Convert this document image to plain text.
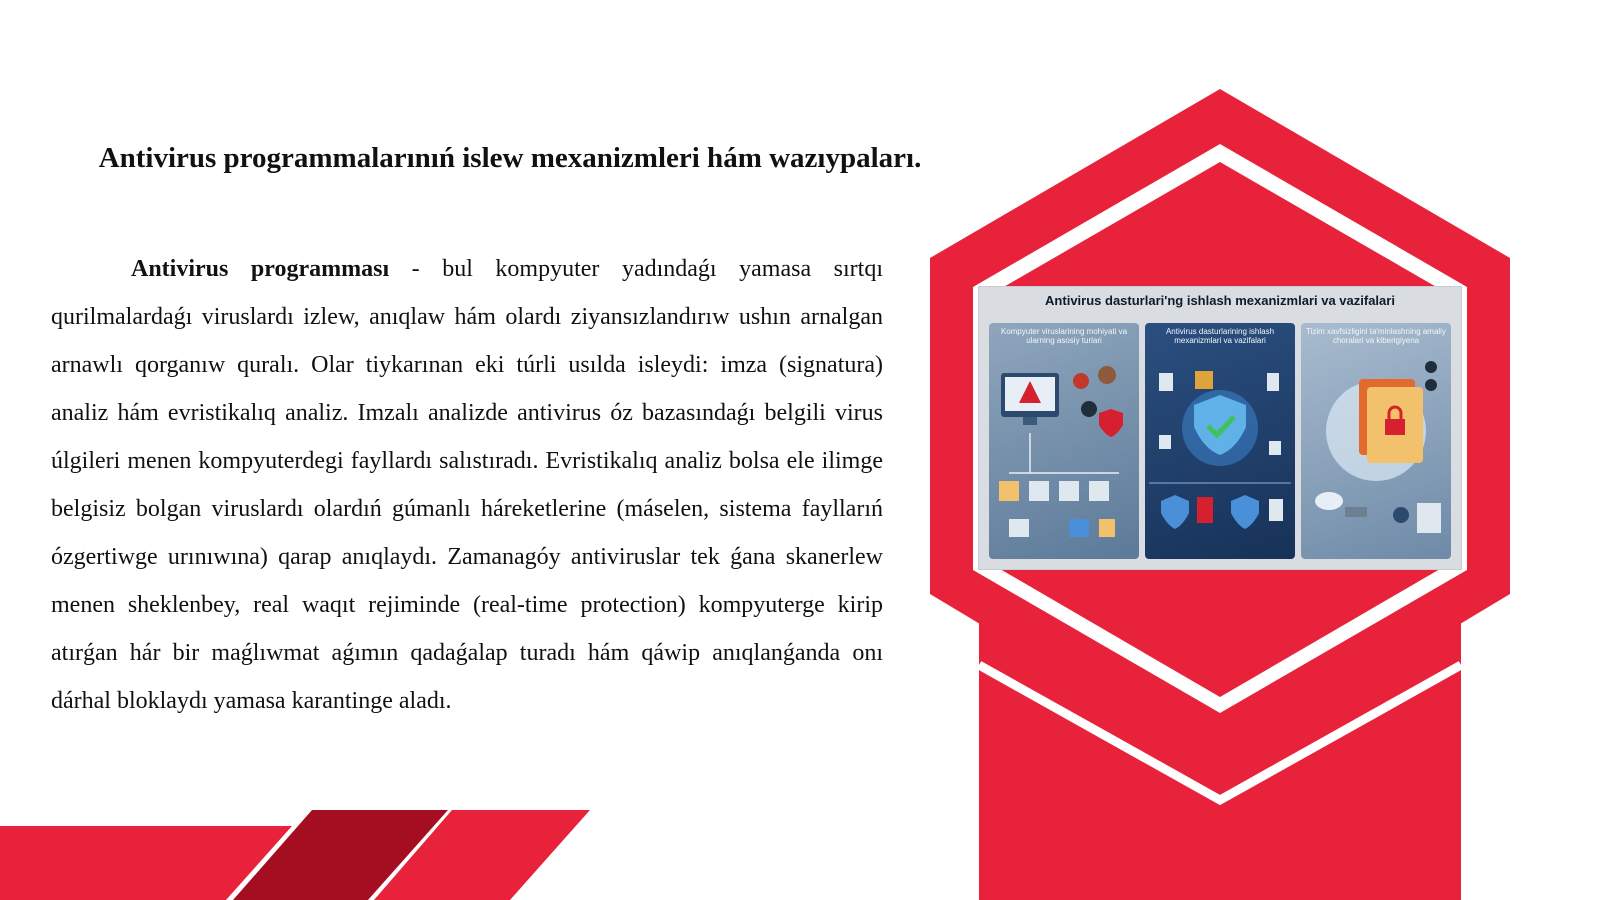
Antivirus programmalarınıń islew mexanizmleri hám wazıypaları.
Antivirus programması - bul kompyuter yadındaǵı yamasa sırtqı qurilmalardaǵı viruslardı izlew, anıqlaw hám olardı ziyansızlandırıw ushın arnalgan arnawlı qorganıw quralı. Olar tiykarınan eki túrli usılda isleydi: imza (signatura) analiz hám evristikalıq analiz. Imzalı analizde antivirus óz bazasındaǵı belgili virus úlgileri menen kompyuterdegi fayllardı salıstıradı. Evristikalıq analiz bolsa ele ilimge belgisiz bolgan viruslardı olardıń gúmanlı háreketlerine (máselen, sistema fayllarıń ózgertiwge urınıwına) qarap anıqlaydı. Zamanagóy antiviruslar tek ǵana skanerlew menen sheklenbey, real waqıt rejiminde (real-time protection) kompyuterge kirip atırǵan hár bir maǵlıwmat aǵımın qadaǵalap turadı hám qáwip anıqlanǵanda onı dárhal bloklaydı yamasa karantinge aladı.
Antivirus dasturlari'ng ishlash mexanizmlari va vazifalari
Kompyuter viruslarining mohiyati va ularning asosiy turlari
Antivirus dasturlarining ishlash mexanizmlari va vazifalari
Tizim xavfsizligini ta'minlashning amaliy choralari va kiberigiyena
